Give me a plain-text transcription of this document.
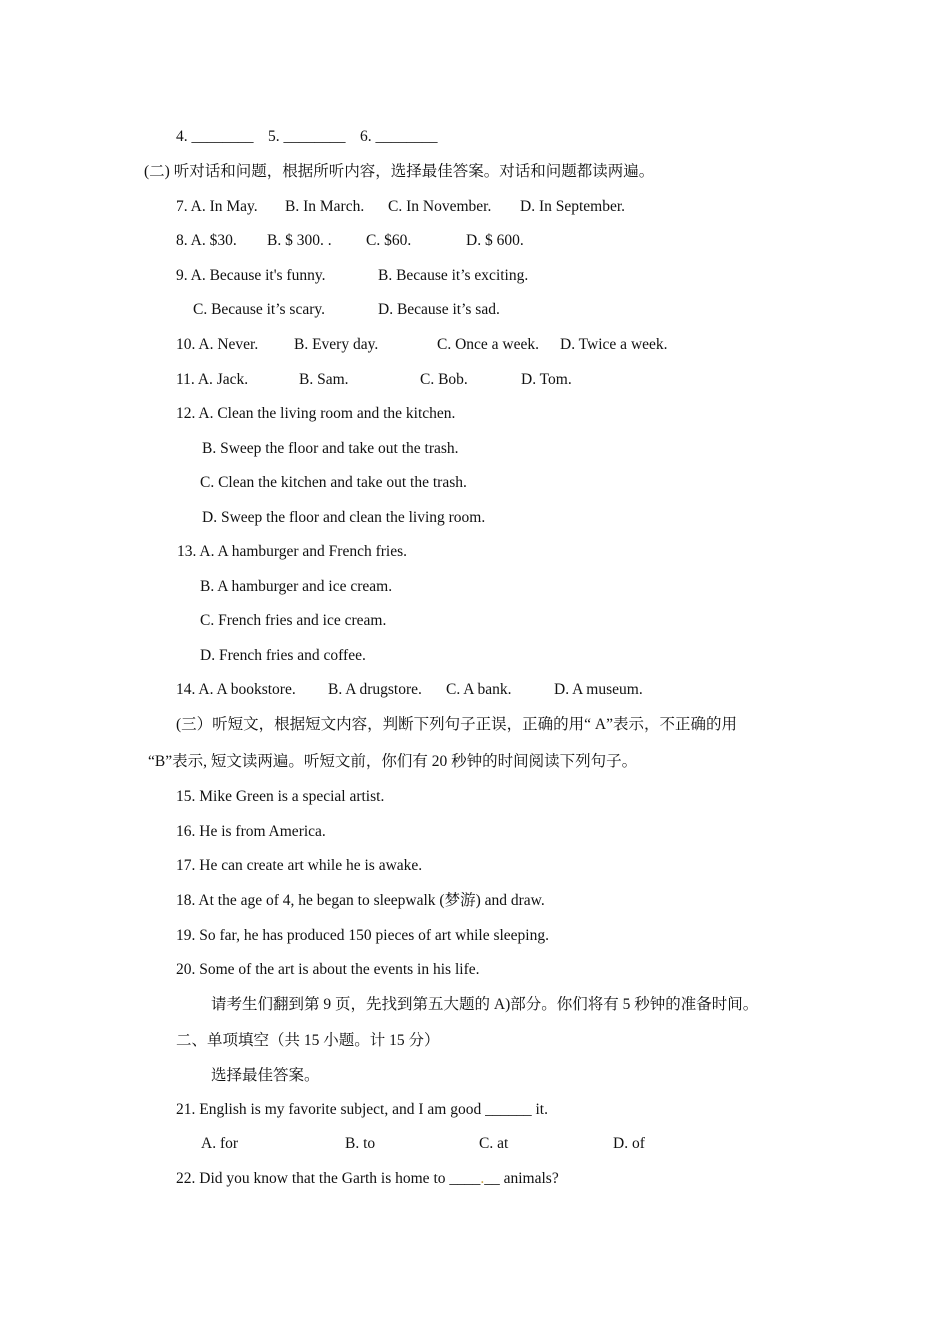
4. ________ 5. ________ 6. ________
(二) 听对话和问题，根据所听内容，选择最佳答案。对话和问题都读两遍。
7. A. In May. B. In March. C. In November. D. In September.
8. A. $30. B. $ 300. . C. $60.	D. $ 600.
9. A. Because it's funny.	B. Because it’s exciting.
C. Because it’s scary.	D. Because it’s sad.
10. A. Never. B. Every day.	C. Once a week. D. Twice a week.
11. A. Jack.	B. Sam.	C. Bob.	D. Tom.
12. A. Clean the living room and the kitchen.
B. Sweep the floor and take out the trash.
C. Clean the kitchen and take out the trash.
D. Sweep the floor and clean the living room.
13. A. A hamburger and French fries.
B. A hamburger and ice cream.
C. French fries and ice cream.
D. French fries and coffee.
14. A. A bookstore. B. A drugstore. C. A bank.	D. A museum.
(三）听短文，根据短文内容，判断下列句子正误，正确的用“ A”表示，不正确的用
“B”表示, 短文读两遍。听短文前，你们有 20 秒钟的时间阅读下列句子。
15. Mike Green is a special artist.
16. He is from America.
17. He can create art while he is awake.
18. At the age of 4, he began to sleepwalk (梦游) and draw.
19. So far, he has produced 150 pieces of art while sleeping.
20. Some of the art is about the events in his life.
请考生们翻到第 9 页，先找到第五大题的 A)部分。你们将有 5 秒钟的准备时间。
二、单项填空（共 15 小题。计 15 分）
选择最佳答案。
21. English is my favorite subject, and I am good ______ it.
A. for	B. to	C. at	D. of
22. Did you know that the Garth is home to ____.__ animals?
